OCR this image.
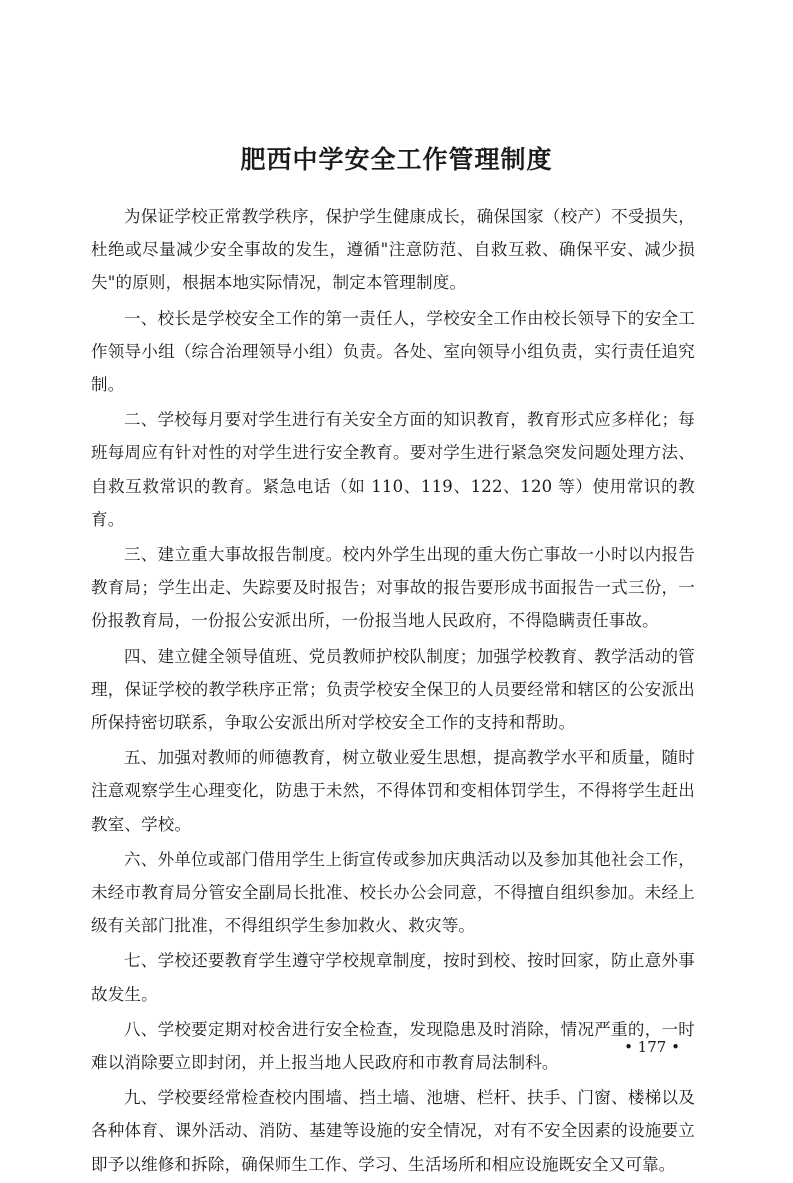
肥西中学安全工作管理制度

为保证学校正常教学秩序，保护学生健康成长，确保国家（校产）不受损失，杜绝或尽量减少安全事故的发生，遵循"注意防范、自救互救、确保平安、减少损失"的原则，根据本地实际情况，制定本管理制度。

一、校长是学校安全工作的第一责任人，学校安全工作由校长领导下的安全工作领导小组（综合治理领导小组）负责。各处、室向领导小组负责，实行责任追究制。

二、学校每月要对学生进行有关安全方面的知识教育，教育形式应多样化；每班每周应有针对性的对学生进行安全教育。要对学生进行紧急突发问题处理方法、自救互救常识的教育。紧急电话（如 110、119、122、120 等）使用常识的教育。

三、建立重大事故报告制度。校内外学生出现的重大伤亡事故一小时以内报告教育局；学生出走、失踪要及时报告；对事故的报告要形成书面报告一式三份，一份报教育局，一份报公安派出所，一份报当地人民政府，不得隐瞒责任事故。

四、建立健全领导值班、党员教师护校队制度；加强学校教育、教学活动的管理，保证学校的教学秩序正常；负责学校安全保卫的人员要经常和辖区的公安派出所保持密切联系，争取公安派出所对学校安全工作的支持和帮助。

五、加强对教师的师德教育，树立敬业爱生思想，提高教学水平和质量，随时注意观察学生心理变化，防患于未然，不得体罚和变相体罚学生，不得将学生赶出教室、学校。

六、外单位或部门借用学生上街宣传或参加庆典活动以及参加其他社会工作，未经市教育局分管安全副局长批准、校长办公会同意，不得擅自组织参加。未经上级有关部门批准，不得组织学生参加救火、救灾等。

七、学校还要教育学生遵守学校规章制度，按时到校、按时回家，防止意外事故发生。

八、学校要定期对校舍进行安全检查，发现隐患及时消除，情况严重的，一时难以消除要立即封闭，并上报当地人民政府和市教育局法制科。

九、学校要经常检查校内围墙、挡土墙、池塘、栏杆、扶手、门窗、楼梯以及各种体育、课外活动、消防、基建等设施的安全情况，对有不安全因素的设施要立即予以维修和拆除，确保师生工作、学习、生活场所和相应设施既安全又可靠。

• 177 •
